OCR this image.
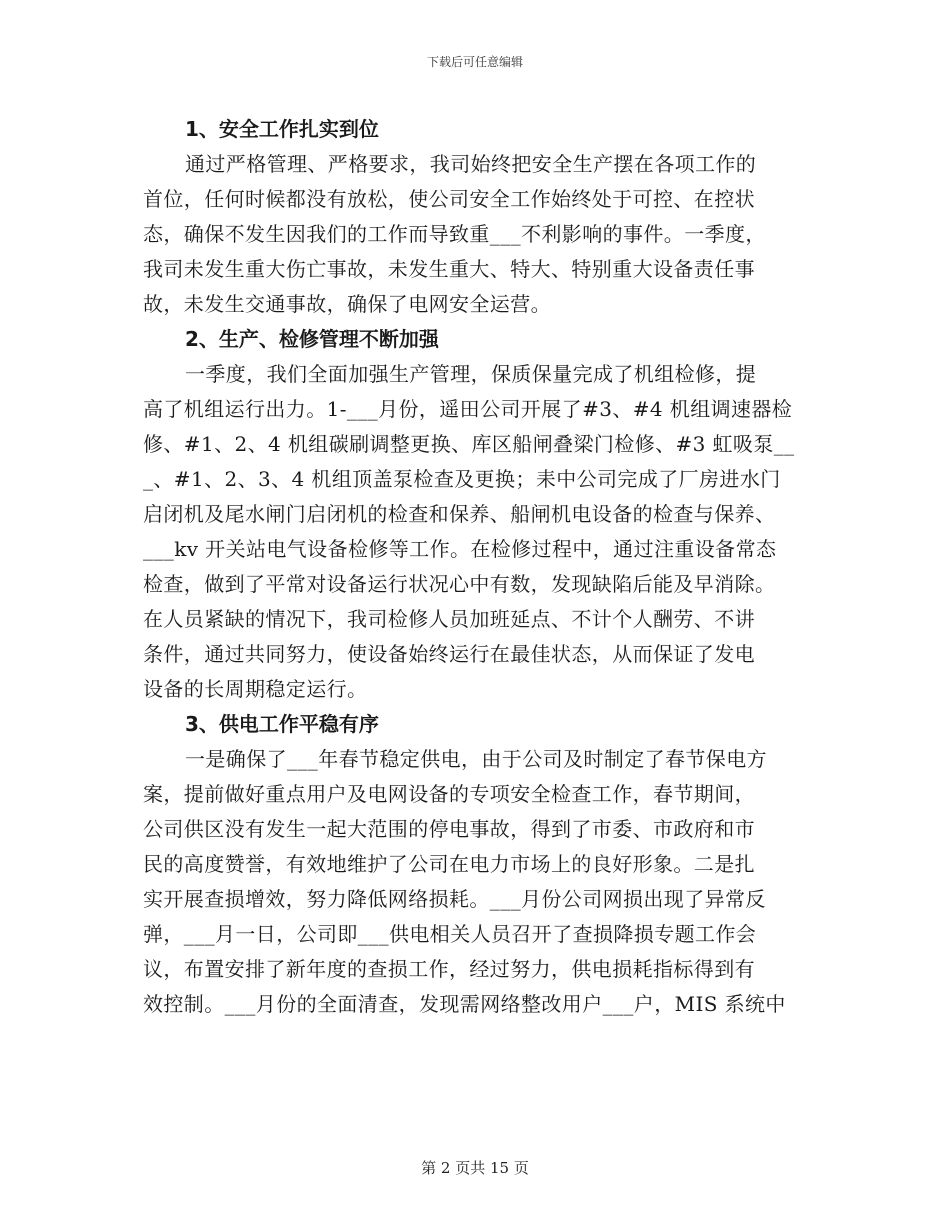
下载后可任意编辑
1、安全工作扎实到位
通过严格管理、严格要求，我司始终把安全生产摆在各项工作的
首位，任何时候都没有放松，使公司安全工作始终处于可控、在控状
态，确保不发生因我们的工作而导致重___不利影响的事件。一季度，
我司未发生重大伤亡事故，未发生重大、特大、特别重大设备责任事
故，未发生交通事故，确保了电网安全运营。
2、生产、检修管理不断加强
一季度，我们全面加强生产管理，保质保量完成了机组检修，提
高了机组运行出力。1-___月份，遥田公司开展了#3、#4 机组调速器检
修、#1、2、4 机组碳刷调整更换、库区船闸叠梁门检修、#3 虹吸泵__
_、#1、2、3、4 机组顶盖泵检查及更换；耒中公司完成了厂房进水门
启闭机及尾水闸门启闭机的检查和保养、船闸机电设备的检查与保养、
___kv 开关站电气设备检修等工作。在检修过程中，通过注重设备常态
检查，做到了平常对设备运行状况心中有数，发现缺陷后能及早消除。
在人员紧缺的情况下，我司检修人员加班延点、不计个人酬劳、不讲
条件，通过共同努力，使设备始终运行在最佳状态，从而保证了发电
设备的长周期稳定运行。
3、供电工作平稳有序
一是确保了___年春节稳定供电，由于公司及时制定了春节保电方
案，提前做好重点用户及电网设备的专项安全检查工作，春节期间，
公司供区没有发生一起大范围的停电事故，得到了市委、市政府和市
民的高度赞誉，有效地维护了公司在电力市场上的良好形象。二是扎
实开展查损增效，努力降低网络损耗。___月份公司网损出现了异常反
弹，___月一日，公司即___供电相关人员召开了查损降损专题工作会
议，布置安排了新年度的查损工作，经过努力，供电损耗指标得到有
效控制。___月份的全面清查，发现需网络整改用户___户，MIS 系统中
第 2 页共 15 页
